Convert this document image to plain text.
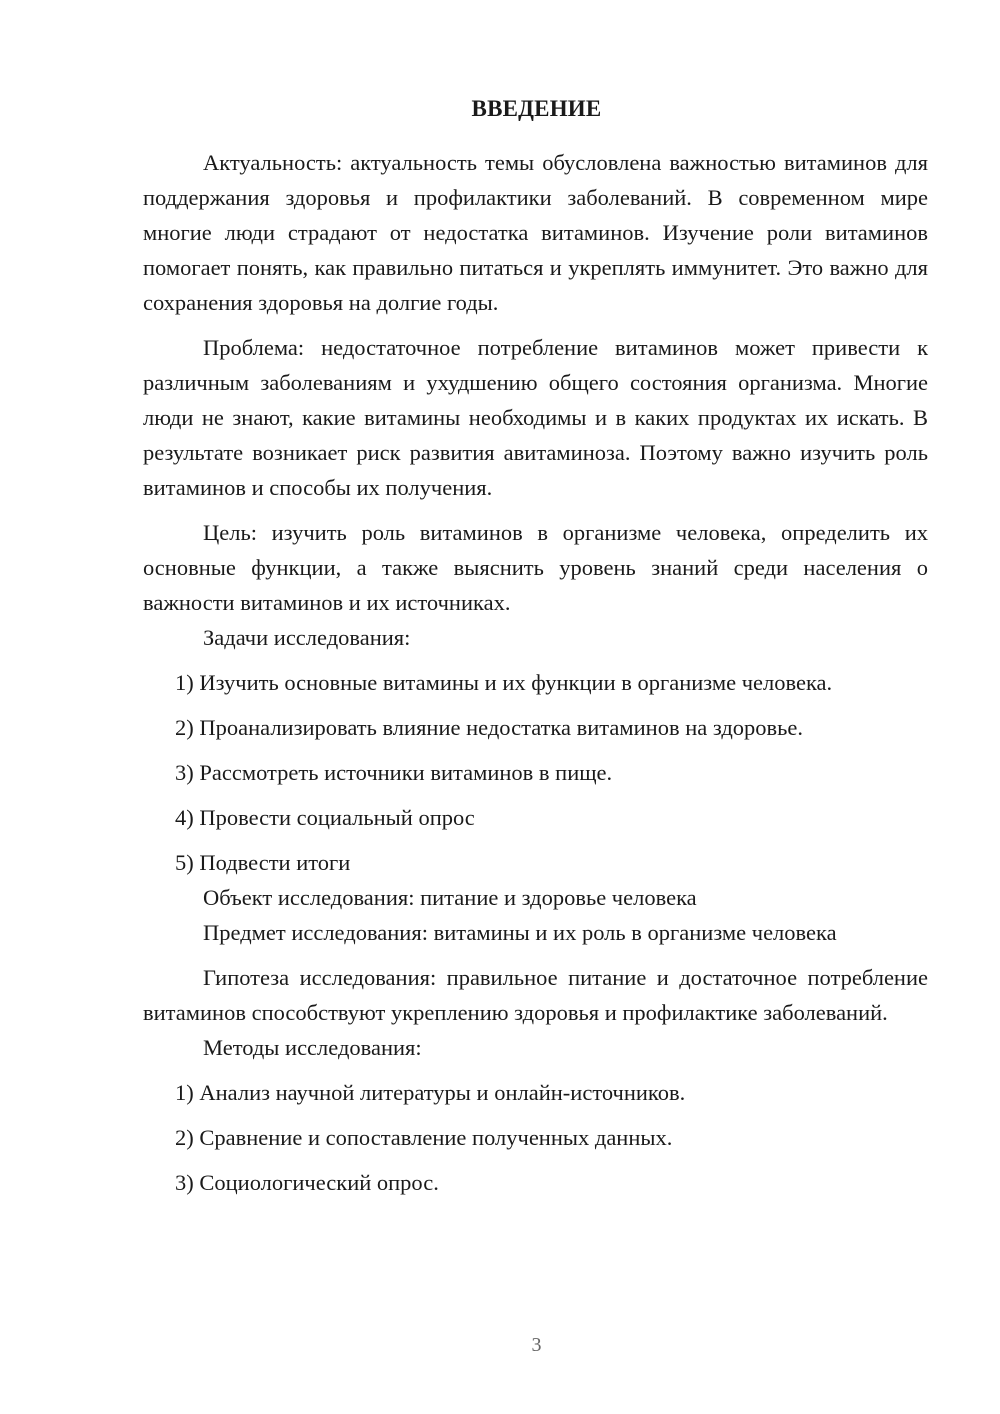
ВВЕДЕНИЕ

Актуальность: актуальность темы обусловлена важностью витаминов для поддержания здоровья и профилактики заболеваний. В современном мире многие люди страдают от недостатка витаминов. Изучение роли витаминов помогает понять, как правильно питаться и укреплять иммунитет. Это важно для сохранения здоровья на долгие годы.

Проблема: недостаточное потребление витаминов может привести к различным заболеваниям и ухудшению общего состояния организма. Многие люди не знают, какие витамины необходимы и в каких продуктах их искать. В результате возникает риск развития авитаминоза. Поэтому важно изучить роль витаминов и способы их получения.

Цель: изучить роль витаминов в организме человека, определить их основные функции, а также выяснить уровень знаний среди населения о важности витаминов и их источниках.

Задачи исследования:

1) Изучить основные витамины и их функции в организме человека.

2) Проанализировать влияние недостатка витаминов на здоровье.

3) Рассмотреть источники витаминов в пище.

4) Провести социальный опрос

5) Подвести итоги

Объект исследования: питание и здоровье человека

Предмет исследования: витамины и их роль в организме человека

Гипотеза исследования: правильное питание и достаточное потребление витаминов способствуют укреплению здоровья и профилактике заболеваний.

Методы исследования:

1) Анализ научной литературы и онлайн-источников.

2) Сравнение и сопоставление полученных данных.

3) Социологический опрос.

3
